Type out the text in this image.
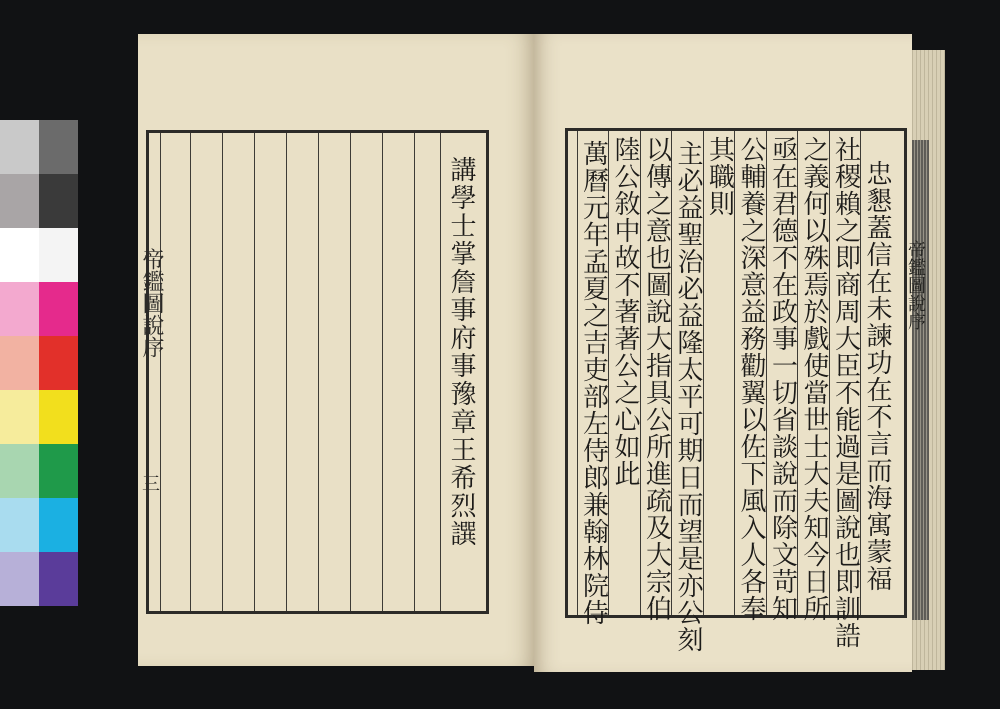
帝鑑圖說序
三	講學士掌詹事府事豫章王希烈譔	忠懇蓋信在未諫功在不言而海寓蒙福
社稷賴之即商周大臣不能過是圖說也即訓誥
之義何以殊焉於戲使當世士大夫知今日所
亟在君德不在政事一切省談說而除文苛知
公輔養之深意益務勸翼以佐下風入人各奉
其職則
主必益聖治必益隆太平可期日而望是亦公刻
以傳之意也圖說大指具公所進疏及大宗伯
陸公敘中故不著著公之心如此
萬曆元年孟夏之吉吏部左侍郎兼翰林院侍	帝鑑圖說序
